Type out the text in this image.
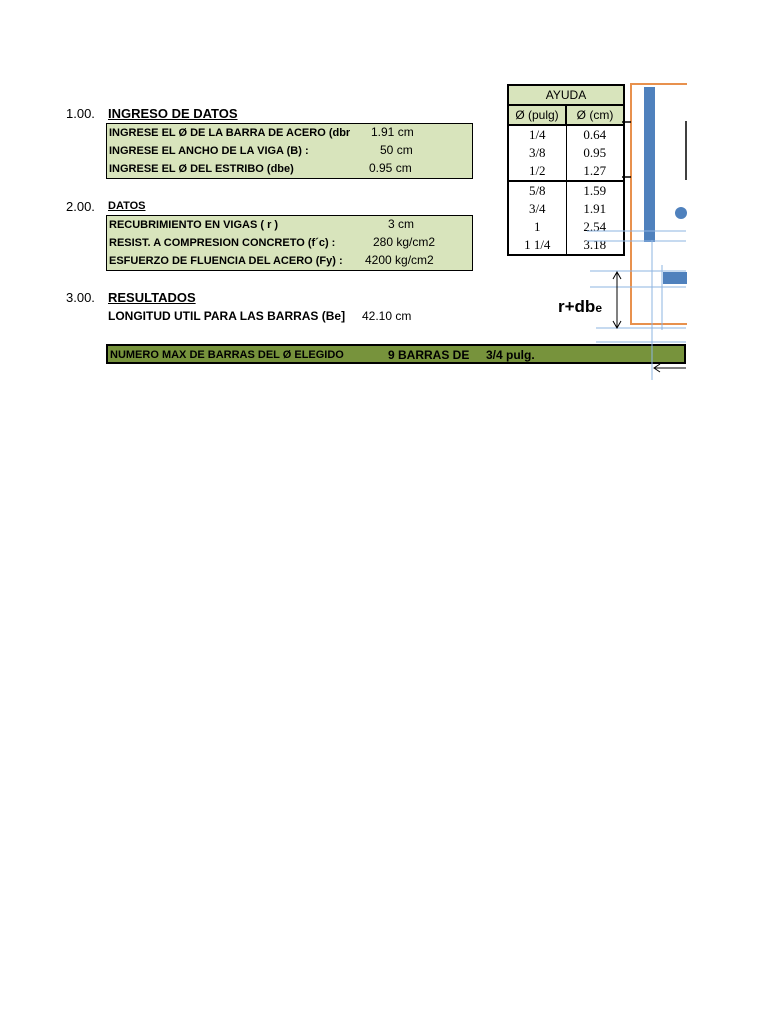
1.00. INGRESO DE DATOS
INGRESE EL Ø DE LA BARRA DE ACERO (dbr 1.91 cm
INGRESE EL ANCHO DE LA VIGA (B) :	50 cm
INGRESE EL Ø DEL ESTRIBO (dbe)	0.95 cm
2.00. DATOS
RECUBRIMIENTO EN VIGAS ( r )	3 cm
RESIST. A COMPRESION CONCRETO (f´c) :	280 kg/cm2
ESFUERZO DE FLUENCIA DEL ACERO (Fy) : 4200 kg/cm2
3.00. RESULTADOS
LONGITUD UTIL PARA LAS BARRAS (Be] 42.10 cm
NUMERO MAX DE BARRAS DEL Ø ELEGIDO	9 BARRAS DE 3/4 pulg.
AYUDA	
Ø (pulg)	Ø (cm)
1/4	0.64
3/8	0.95
1/2	1.27
5/8	1.59
3/4	1.91
1	2.54
1 1/4	3.18
r+dbe
